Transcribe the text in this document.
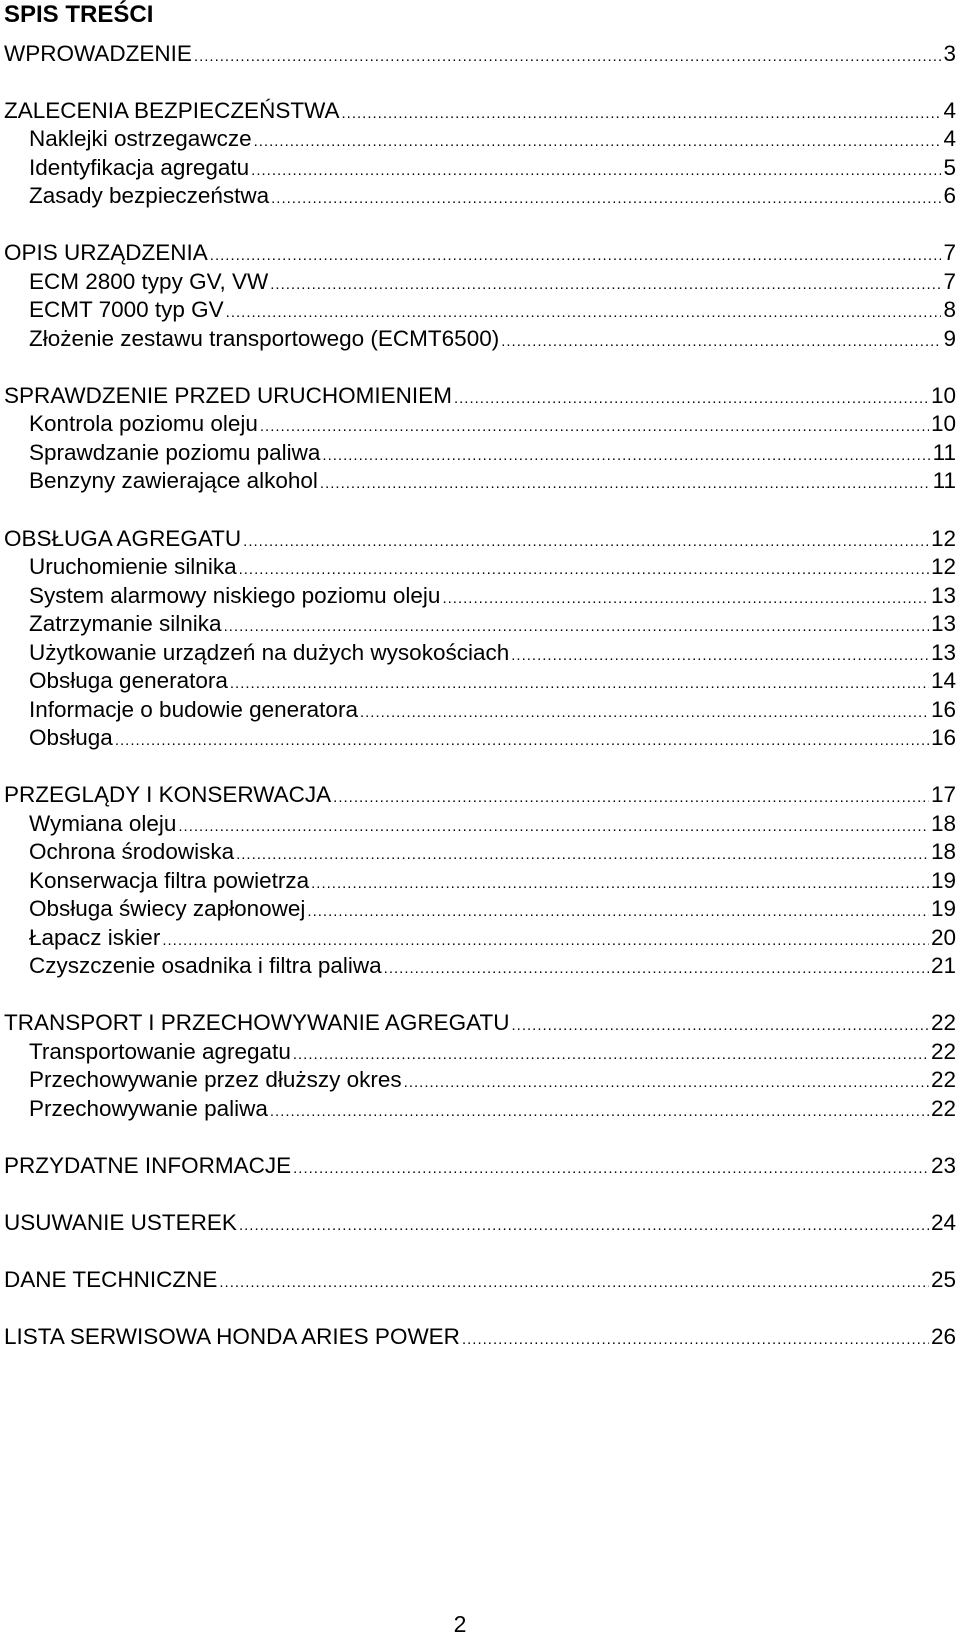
SPIS TREŚCI
WPROWADZENIE .....	3
ZALECENIA BEZPIECZEŃSTWA .....	4
Naklejki ostrzegawcze .....	4
Identyfikacja agregatu .....	5
Zasady bezpieczeństwa .....	6
OPIS URZĄDZENIA .....	7
ECM 2800 typy GV, VW .....	7
ECMT 7000 typ GV .....	8
Złożenie zestawu transportowego (ECMT6500) .....	9
SPRAWDZENIE PRZED URUCHOMIENIEM .....	10
Kontrola poziomu oleju .....	10
Sprawdzanie poziomu paliwa .....	11
Benzyny zawierające alkohol .....	11
OBSŁUGA AGREGATU .....	12
Uruchomienie silnika .....	12
System alarmowy niskiego poziomu oleju .....	13
Zatrzymanie silnika .....	13
Użytkowanie urządzeń na dużych wysokościach .....	13
Obsługa generatora .....	14
Informacje o budowie generatora .....	16
Obsługa .....	16
PRZEGLĄDY I KONSERWACJA .....	17
Wymiana oleju .....	18
Ochrona środowiska .....	18
Konserwacja filtra powietrza .....	19
Obsługa świecy zapłonowej .....	19
Łapacz iskier .....	20
Czyszczenie osadnika i filtra paliwa .....	21
TRANSPORT I PRZECHOWYWANIE AGREGATU .....	22
Transportowanie agregatu .....	22
Przechowywanie przez dłuższy okres .....	22
Przechowywanie paliwa .....	22
PRZYDATNE INFORMACJE .....	23
USUWANIE USTEREK .....	24
DANE TECHNICZNE .....	25
LISTA SERWISOWA HONDA ARIES POWER .....	26
2
